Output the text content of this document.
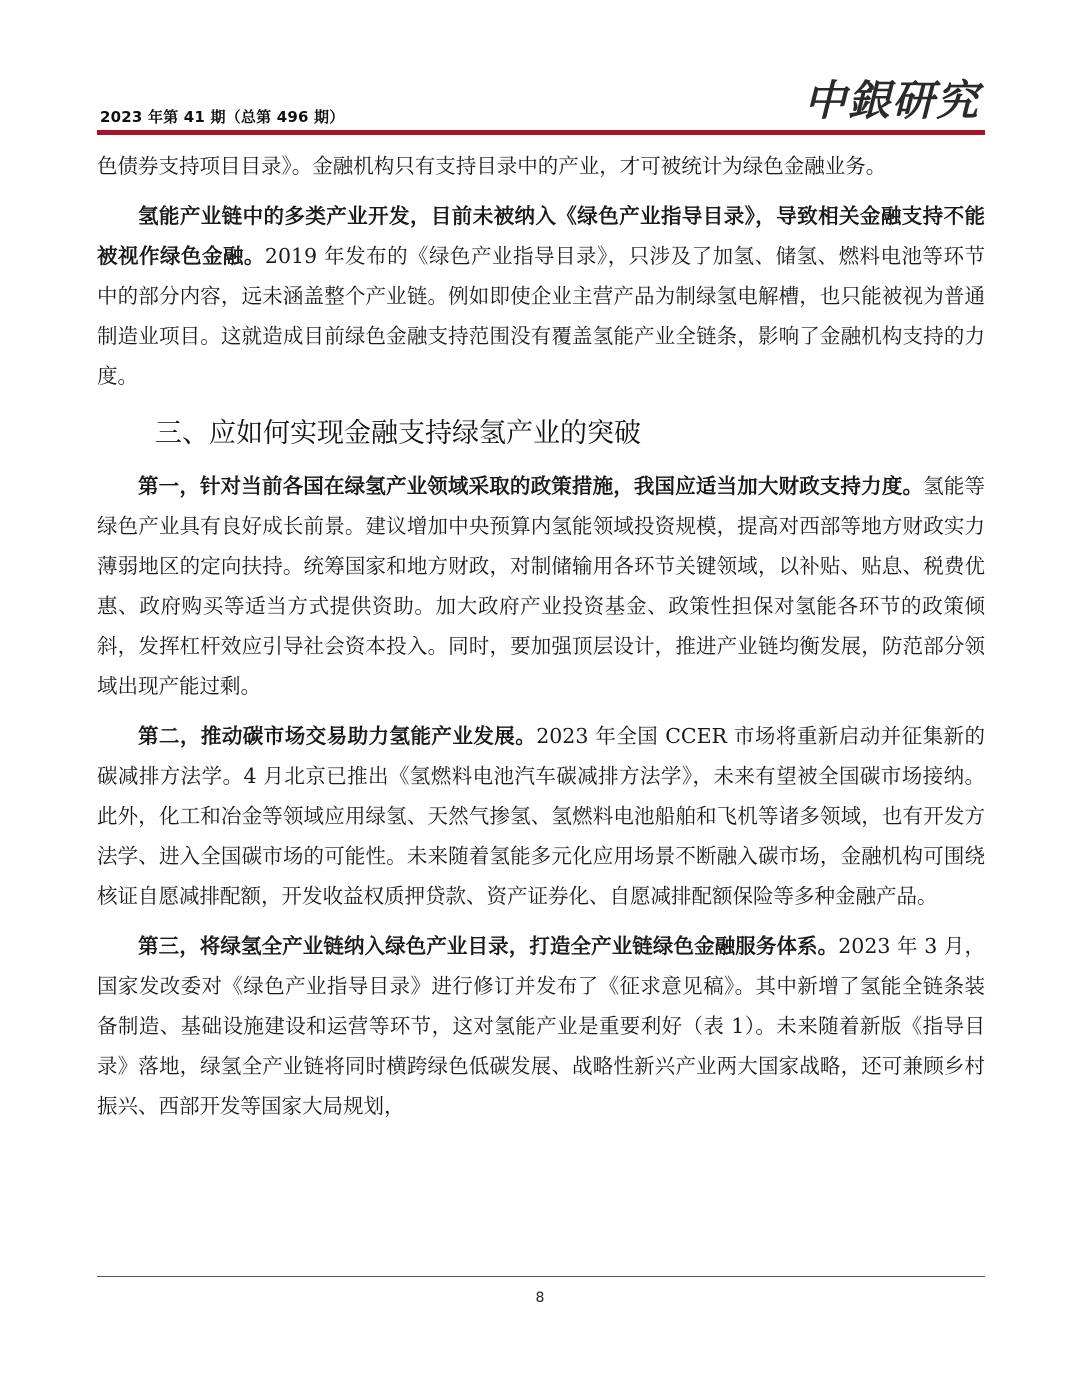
2023 年第 41 期（总第 496 期）	中銀研究

色债券支持项目目录》。金融机构只有支持目录中的产业，才可被统计为绿色金融业务。

氢能产业链中的多类产业开发，目前未被纳入《绿色产业指导目录》，导致相关金融支持不能被视作绿色金融。2019 年发布的《绿色产业指导目录》，只涉及了加氢、储氢、燃料电池等环节中的部分内容，远未涵盖整个产业链。例如即使企业主营产品为制绿氢电解槽，也只能被视为普通制造业项目。这就造成目前绿色金融支持范围没有覆盖氢能产业全链条，影响了金融机构支持的力度。

三、应如何实现金融支持绿氢产业的突破

第一，针对当前各国在绿氢产业领域采取的政策措施，我国应适当加大财政支持力度。氢能等绿色产业具有良好成长前景。建议增加中央预算内氢能领域投资规模，提高对西部等地方财政实力薄弱地区的定向扶持。统筹国家和地方财政，对制储输用各环节关键领域，以补贴、贴息、税费优惠、政府购买等适当方式提供资助。加大政府产业投资基金、政策性担保对氢能各环节的政策倾斜，发挥杠杆效应引导社会资本投入。同时，要加强顶层设计，推进产业链均衡发展，防范部分领域出现产能过剩。

第二，推动碳市场交易助力氢能产业发展。2023 年全国 CCER 市场将重新启动并征集新的碳减排方法学。4 月北京已推出《氢燃料电池汽车碳减排方法学》，未来有望被全国碳市场接纳。此外，化工和冶金等领域应用绿氢、天然气掺氢、氢燃料电池船舶和飞机等诸多领域，也有开发方法学、进入全国碳市场的可能性。未来随着氢能多元化应用场景不断融入碳市场，金融机构可围绕核证自愿减排配额，开发收益权质押贷款、资产证券化、自愿减排配额保险等多种金融产品。

第三，将绿氢全产业链纳入绿色产业目录，打造全产业链绿色金融服务体系。2023 年 3 月，国家发改委对《绿色产业指导目录》进行修订并发布了《征求意见稿》。其中新增了氢能全链条装备制造、基础设施建设和运营等环节，这对氢能产业是重要利好（表 1）。未来随着新版《指导目录》落地，绿氢全产业链将同时横跨绿色低碳发展、战略性新兴产业两大国家战略，还可兼顾乡村振兴、西部开发等国家大局规划，

8
